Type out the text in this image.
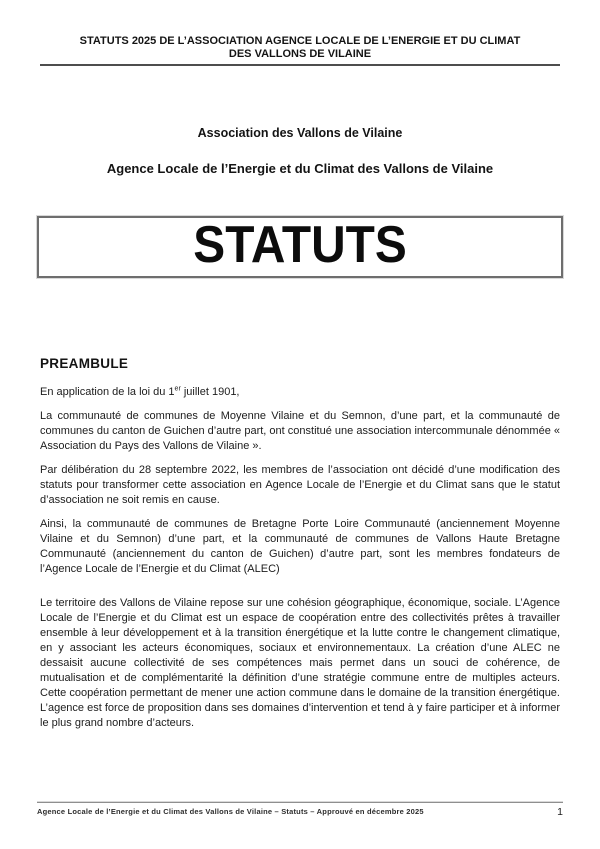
STATUTS 2025 DE L’ASSOCIATION AGENCE LOCALE DE L’ENERGIE ET DU CLIMAT
DES VALLONS DE VILAINE
Association des Vallons de Vilaine
Agence Locale de l’Energie et du Climat des Vallons de Vilaine
STATUTS
PREAMBULE

En application de la loi du 1er juillet 1901,

La communauté de communes de Moyenne Vilaine et du Semnon, d’une part, et la communauté de communes du canton de Guichen d’autre part, ont constitué une association intercommunale dénommée « Association du Pays des Vallons de Vilaine ».

Par délibération du 28 septembre 2022, les membres de l’association ont décidé d’une modification des statuts pour transformer cette association en Agence Locale de l’Energie et du Climat sans que le statut d’association ne soit remis en cause.

Ainsi, la communauté de communes de Bretagne Porte Loire Communauté (anciennement Moyenne Vilaine et du Semnon) d’une part, et la communauté de communes de Vallons Haute Bretagne Communauté (anciennement du canton de Guichen) d’autre part, sont les membres fondateurs de l’Agence Locale de l’Energie et du Climat (ALEC)

Le territoire des Vallons de Vilaine repose sur une cohésion géographique, économique, sociale. L’Agence Locale de l’Energie et du Climat est un espace de coopération entre des collectivités prêtes à travailler ensemble à leur développement et à la transition énergétique et la lutte contre le changement climatique, en y associant les acteurs économiques, sociaux et environnementaux. La création d’une ALEC ne dessaisit aucune collectivité de ses compétences mais permet dans un souci de cohérence, de mutualisation et de complémentarité la définition d’une stratégie commune entre de multiples acteurs. Cette coopération permettant de mener une action commune dans le domaine de la transition énergétique. L’agence est force de proposition dans ses domaines d’intervention et tend à y faire participer et à informer le plus grand nombre d’acteurs.

Agence Locale de l’Energie et du Climat des Vallons de Vilaine – Statuts – Approuvé en décembre 2025	1
